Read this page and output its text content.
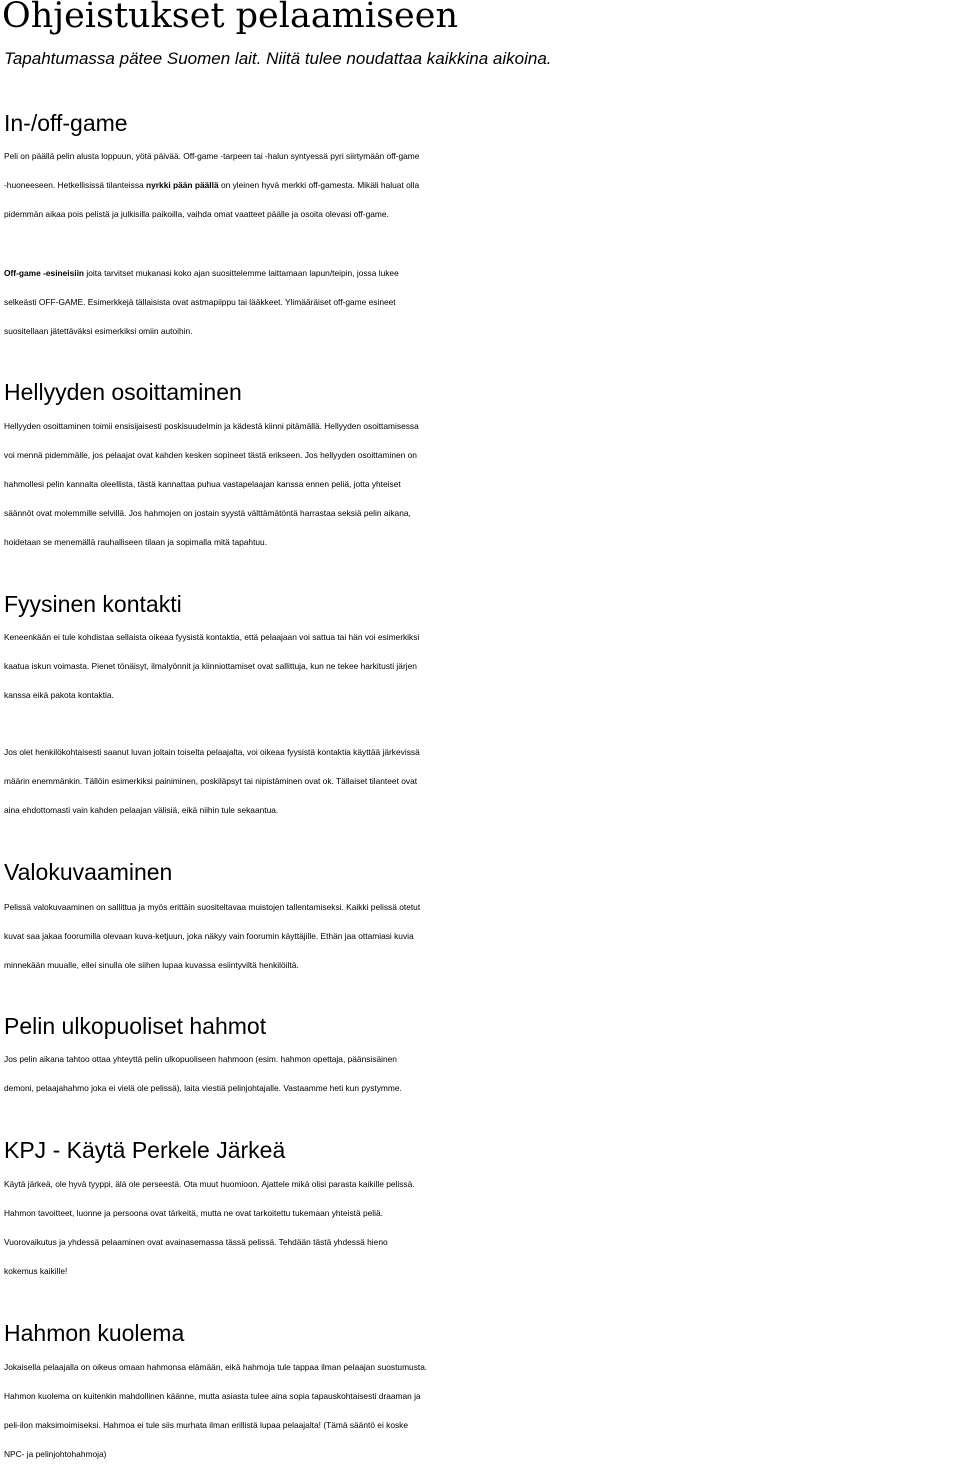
Ohjeistukset pelaamiseen

Tapahtumassa pätee Suomen lait. Niitä tulee noudattaa kaikkina aikoina.

In-/off-game
Peli on päällä pelin alusta loppuun, yötä päivää. Off-game -tarpeen tai -halun syntyessä pyri siirtymään off-game
-huoneeseen. Hetkellisissä tilanteissa nyrkki pään päällä on yleinen hyvä merkki off-gamesta. Mikäli haluat olla
pidemmän aikaa pois pelistä ja julkisilla paikoilla, vaihda omat vaatteet päälle ja osoita olevasi off-game.
Off-game -esineisiin joita tarvitset mukanasi koko ajan suosittelemme laittamaan lapun/teipin, jossa lukee
selkeästi OFF-GAME. Esimerkkejä tällaisista ovat astmapiippu tai lääkkeet. Ylimääräiset off-game esineet
suositellaan jätettäväksi esimerkiksi omiin autoihin.
Hellyyden osoittaminen
Hellyyden osoittaminen toimii ensisijaisesti poskisuudelmin ja kädestä kiinni pitämällä. Hellyyden osoittamisessa
voi mennä pidemmälle, jos pelaajat ovat kahden kesken sopineet tästä erikseen. Jos hellyyden osoittaminen on
hahmollesi pelin kannalta oleellista, tästä kannattaa puhua vastapelaajan kanssa ennen peliä, jotta yhteiset
säännöt ovat molemmille selvillä. Jos hahmojen on jostain syystä välttämätöntä harrastaa seksiä pelin aikana,
hoidetaan se menemällä rauhalliseen tilaan ja sopimalla mitä tapahtuu.
Fyysinen kontakti
Keneenkään ei tule kohdistaa sellaista oikeaa fyysistä kontaktia, että pelaajaan voi sattua tai hän voi esimerkiksi
kaatua iskun voimasta. Pienet tönäisyt, ilmalyönnit ja kiinniottamiset ovat sallittuja, kun ne tekee harkitusti järjen
kanssa eikä pakota kontaktia.
Jos olet henkilökohtaisesti saanut luvan joltain toiselta pelaajalta, voi oikeaa fyysistä kontaktia käyttää järkevissä
määrin enemmänkin. Tällöin esimerkiksi painiminen, poskiläpsyt tai nipistäminen ovat ok. Tällaiset tilanteet ovat
aina ehdottomasti vain kahden pelaajan välisiä, eikä niihin tule sekaantua.
Valokuvaaminen
Pelissä valokuvaaminen on sallittua ja myös erittäin suositeltavaa muistojen tallentamiseksi. Kaikki pelissä otetut
kuvat saa jakaa foorumilla olevaan kuva-ketjuun, joka näkyy vain foorumin käyttäjille. Ethän jaa ottamiasi kuvia
minnekään muualle, ellei sinulla ole siihen lupaa kuvassa esiintyviltä henkilöiltä.
Pelin ulkopuoliset hahmot
Jos pelin aikana tahtoo ottaa yhteyttä pelin ulkopuoliseen hahmoon (esim. hahmon opettaja, päänsisäinen
demoni, pelaajahahmo joka ei vielä ole pelissä), laita viestiä pelinjohtajalle. Vastaamme heti kun pystymme.
KPJ - Käytä Perkele Järkeä
Käytä järkeä, ole hyvä tyyppi, älä ole perseestä. Ota muut huomioon. Ajattele mikä olisi parasta kaikille pelissä.
Hahmon tavoitteet, luonne ja persoona ovat tärkeitä, mutta ne ovat tarkoitettu tukemaan yhteistä peliä.
Vuorovaikutus ja yhdessä pelaaminen ovat avainasemassa tässä pelissä. Tehdään tästä yhdessä hieno
kokemus kaikille!
Hahmon kuolema
Jokaisella pelaajalla on oikeus omaan hahmonsa elämään, eikä hahmoja tule tappaa ilman pelaajan suostumusta.
Hahmon kuolema on kuitenkin mahdollinen käänne, mutta asiasta tulee aina sopia tapauskohtaisesti draaman ja
peli-ilon maksimoimiseksi. Hahmoa ei tule siis murhata ilman erillistä lupaa pelaajalta! (Tämä sääntö ei koske
NPC- ja pelinjohtohahmoja)
